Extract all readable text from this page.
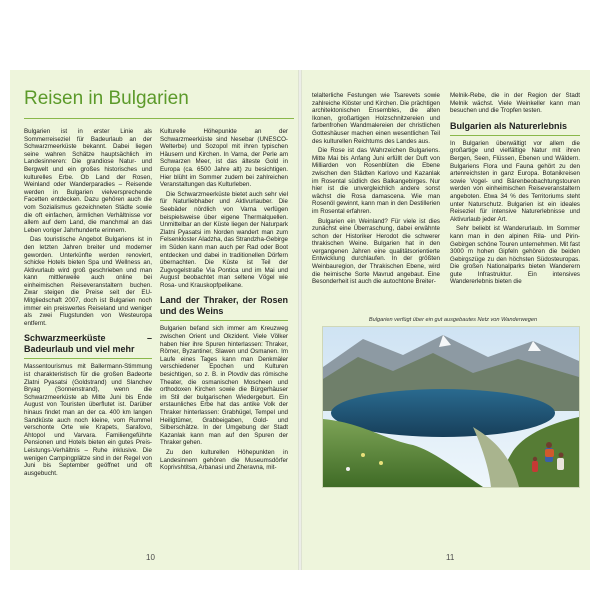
Reisen in Bulgarien

Bulgarien ist in erster Linie als Sommerreiseziel für Badeurlaub an der Schwarzmeerküste bekannt. Dabei liegen seine wahren Schätze hauptsächlich im Landesinneren: Die grandiose Natur- und Bergwelt und ein großes historisches und kulturelles Erbe. Ob Land der Rosen, Weinland oder Wanderparadies – Reisende werden in Bulgarien vielversprechende Facetten entdecken. Dazu gehören auch die vom Sozialismus gezeichneten Städte sowie die oft einfachen, ärmlichen Verhältnisse vor allem auf dem Land, die manchmal an das Leben voriger Jahrhunderte erinnern.

Das touristische Angebot Bulgariens ist in den letzten Jahren breiter und moderner geworden. Unterkünfte werden renoviert, schicke Hotels bieten Spa und Wellness an, Aktivurlaub wird groß geschrieben und man kann mittlerweile auch online bei einheimischen Reiseveranstaltern buchen. Zwar steigen die Preise seit der EU-Mitgliedschaft 2007, doch ist Bulgarien noch immer ein preiswertes Reiseland und weniger als zwei Flugstunden von Westeuropa entfernt.

Schwarzmeerküste – Badeurlaub und viel mehr

Massentourismus mit Ballermann-Stimmung ist charakteristisch für die großen Badeorte Zlatni Pyasatsi (Goldstrand) und Slanchev Bryag (Sonnenstrand), wenn die Schwarzmeerküste ab Mitte Juni bis Ende August von Touristen überflutet ist. Darüber hinaus findet man an der ca. 400 km langen Sandküste auch noch kleine, vom Rummel verschonte Orte wie Krapets, Sarafovo, Ahtopol und Varvara. Familiengeführte Pensionen und Hotels bieten ein gutes Preis-Leistungs-Verhältnis – Ruhe inklusive. Die wenigen Campingplätze sind in der Regel von Juni bis September geöffnet und oft ausgebucht.

Kulturelle Höhepunkte an der Schwarzmeerküste sind Nesebar (UNESCO-Welterbe) und Sozopol mit ihren typischen Häusern und Kirchen. In Varna, der Perle am Schwarzen Meer, ist das älteste Gold in Europa (ca. 6500 Jahre alt) zu besichtigen. Hier blüht im Sommer zudem bei zahlreichen Veranstaltungen das Kulturleben.

Die Schwarzmeerküste bietet auch sehr viel für Naturliebhaber und Aktivurlauber. Die Seebäder nördlich von Varna verfügen beispielsweise über eigene Thermalquellen. Unmittelbar an der Küste liegen der Naturpark Zlatni Pyasatsi im Norden wandert man zum Felsenkloster Aladzha, das Strandzha-Gebirge im Süden kann man auch per Rad oder Boot entdecken und dabei in traditionellen Dörfern übernachten. Die Küste ist Teil der Zugvogelstraße Via Pontica und im Mai und August beobachtet man seltene Vögel wie Rosa- und Krauskopfpelikane.

Land der Thraker, der Rosen und des Weins

Bulgarien befand sich immer am Kreuzweg zwischen Orient und Okzident. Viele Völker haben hier ihre Spuren hinterlassen: Thraker, Römer, Byzantiner, Slawen und Osmanen. Im Laufe eines Tages kann man Denkmäler verschiedener Epochen und Kulturen besichtigen, so z. B. in Plovdiv das römische Theater, die osmanischen Moscheen und orthodoxen Kirchen sowie die Bürgerhäuser im Stil der bulgarischen Wiedergeburt. Ein erstaunliches Erbe hat das antike Volk der Thraker hinterlassen: Grabhügel, Tempel und Heiligtümer, Grabbeigaben, Gold- und Silberschätze. In der Umgebung der Stadt Kazanlak kann man auf den Spuren der Thraker gehen.

Zu den kulturellen Höhepunkten in Landesinnern gehören die Museumsdörfer Koprivshtitsa, Arbanasi und Zheravna, mit-

10

telalterliche Festungen wie Tsarevets sowie zahlreiche Klöster und Kirchen. Die prächtigen architektonischen Ensembles, die alten Ikonen, großartigen Holzschnitzereien und farbenfrohen Wandmalereien der christlichen Gotteshäuser machen einen wesentlichen Teil des kulturellen Reichtums des Landes aus.

Die Rose ist das Wahrzeichen Bulgariens. Mitte Mai bis Anfang Juni erfüllt der Duft von Milliarden von Rosenblüten die Ebene zwischen den Städten Karlovo und Kazanlak im Rosental südlich des Balkangebirges. Nur hier ist die unvergleichlich andere sonst wächst die Rosa damascena. Wie man Rosenöl gewinnt, kann man in den Destillerien im Rosental erfahren.

Bulgarien ein Weinland? Für viele ist dies zunächst eine Überraschung, dabei erwähnte schon der Historiker Herodot die schwerer thrakischen Weine. Bulgarien hat in den vergangenen Jahren eine qualitätsorientierte Entwicklung durchlaufen. In der größten Weinbauregion, der Thrakischen Ebene, wird die heimische Sorte Mavrud angebaut. Eine Besonderheit ist auch die autochtone Breiter-

Melnik-Rebe, die in der Region der Stadt Melnik wächst. Viele Weinkeller kann man besuchen und die Tropfen testen.

Bulgarien als Naturerlebnis

In Bulgarien überwältigt vor allem die großartige und vielfältige Natur mit ihren Bergen, Seen, Flüssen, Ebenen und Wäldern. Bulgariens Flora und Fauna gehört zu den artenreichsten in ganz Europa. Botanikreisen sowie Vogel- und Bärenbeobachtungstouren werden von einheimischen Reiseveranstaltern angeboten. Etwa 34 % des Territoriums steht unter Naturschutz. Bulgarien ist ein ideales Reiseziel für intensive Naturerlebnisse und Aktivurlaub jeder Art.

Sehr beliebt ist Wanderurlaub. Im Sommer kann man in den alpinen Rila- und Pirin-Gebirgen schöne Touren unternehmen. Mit fast 3000 m hohen Gipfeln gehören die beiden Gebirgszüge zu den höchsten Südosteuropas. Die großen Nationalparks bieten Wanderern gute Infrastruktur. Ein intensives Wandererlebnis bieten die

Bulgarien verfügt über ein gut ausgebautes Netz von Wanderwegen
11
